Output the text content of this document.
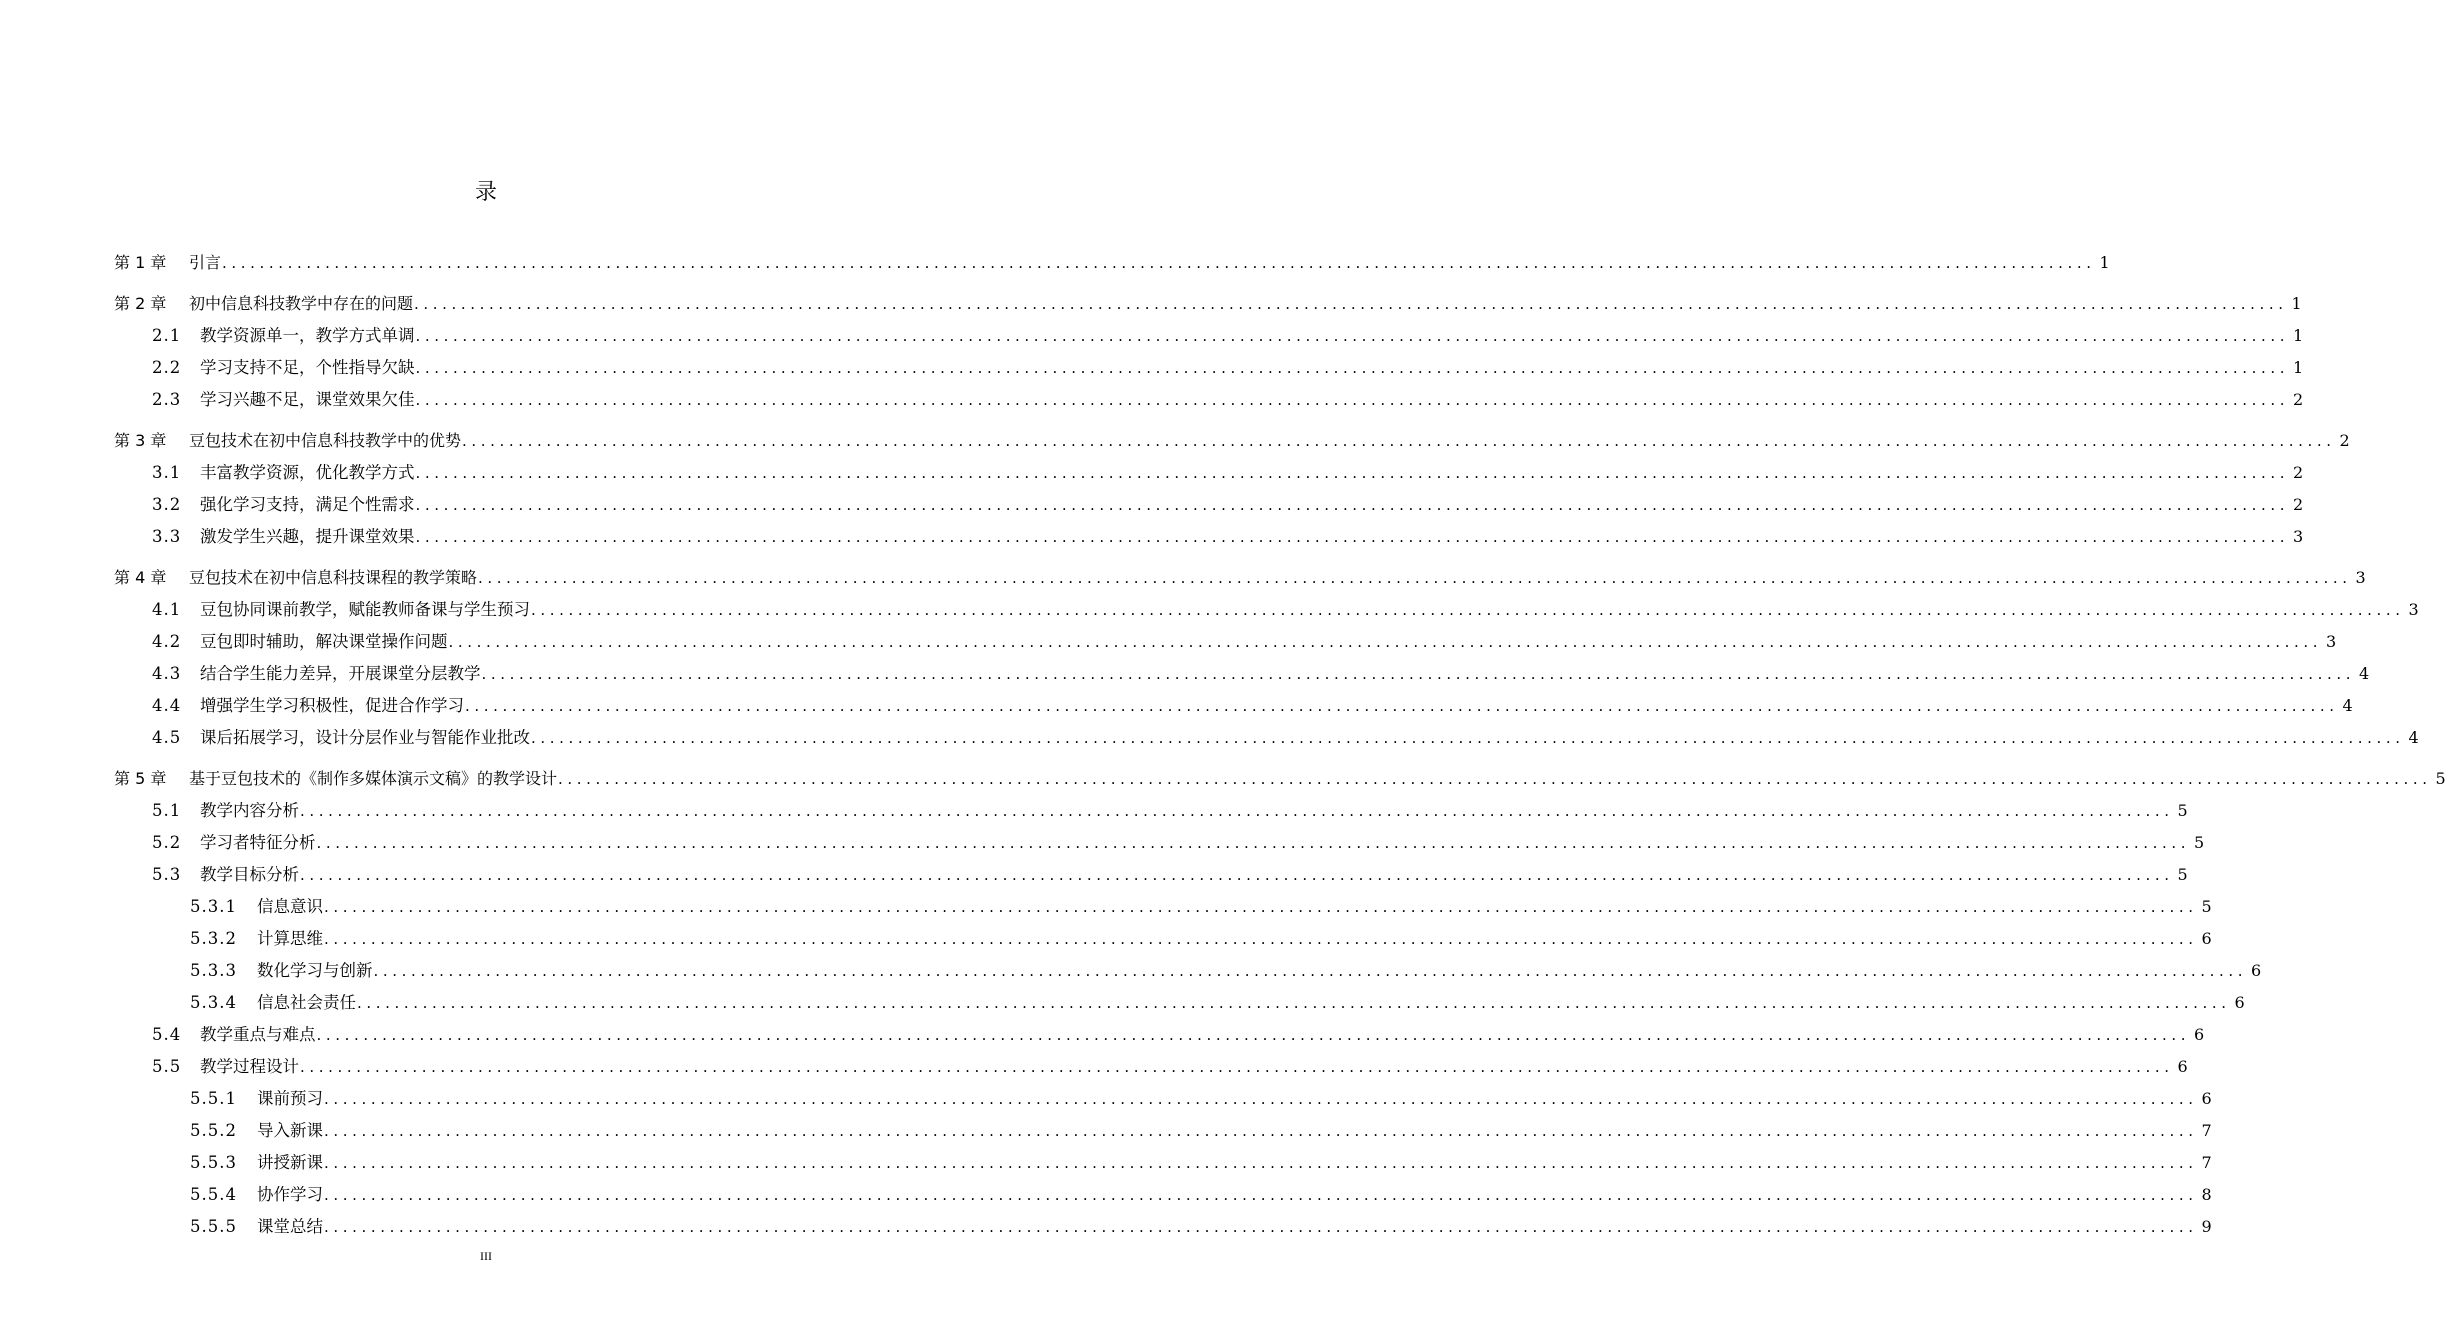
录
第 1 章	引言 ........................................................................................................................................................................................................ 1
第 2 章	初中信息科技教学中存在的问题 ........................................................................................................................................................................................................ 1
2.1	教学资源单一，教学方式单调 ........................................................................................................................................................................................................ 1
2.2	学习支持不足，个性指导欠缺 ........................................................................................................................................................................................................ 1
2.3	学习兴趣不足，课堂效果欠佳 ........................................................................................................................................................................................................ 2
第 3 章	豆包技术在初中信息科技教学中的优势 ........................................................................................................................................................................................................ 2
3.1	丰富教学资源，优化教学方式 ........................................................................................................................................................................................................ 2
3.2	强化学习支持，满足个性需求 ........................................................................................................................................................................................................ 2
3.3	激发学生兴趣，提升课堂效果 ........................................................................................................................................................................................................ 3
第 4 章	豆包技术在初中信息科技课程的教学策略 ........................................................................................................................................................................................................ 3
4.1	豆包协同课前教学，赋能教师备课与学生预习 ........................................................................................................................................................................................................ 3
4.2	豆包即时辅助，解决课堂操作问题 ........................................................................................................................................................................................................ 3
4.3	结合学生能力差异，开展课堂分层教学 ........................................................................................................................................................................................................ 4
4.4	增强学生学习积极性，促进合作学习 ........................................................................................................................................................................................................ 4
4.5	课后拓展学习，设计分层作业与智能作业批改 ........................................................................................................................................................................................................ 4
第 5 章	基于豆包技术的《制作多媒体演示文稿》的教学设计 ........................................................................................................................................................................................................ 5
5.1	教学内容分析 ........................................................................................................................................................................................................ 5
5.2	学习者特征分析 ........................................................................................................................................................................................................ 5
5.3	教学目标分析 ........................................................................................................................................................................................................ 5
5.3.1	信息意识 ........................................................................................................................................................................................................ 5
5.3.2	计算思维 ........................................................................................................................................................................................................ 6
5.3.3	数化学习与创新 ........................................................................................................................................................................................................ 6
5.3.4	信息社会责任 ........................................................................................................................................................................................................ 6
5.4	教学重点与难点 ........................................................................................................................................................................................................ 6
5.5	教学过程设计 ........................................................................................................................................................................................................ 6
5.5.1	课前预习 ........................................................................................................................................................................................................ 6
5.5.2	导入新课 ........................................................................................................................................................................................................ 7
5.5.3	讲授新课 ........................................................................................................................................................................................................ 7
5.5.4	协作学习 ........................................................................................................................................................................................................ 8
5.5.5	课堂总结 ........................................................................................................................................................................................................ 9
III
